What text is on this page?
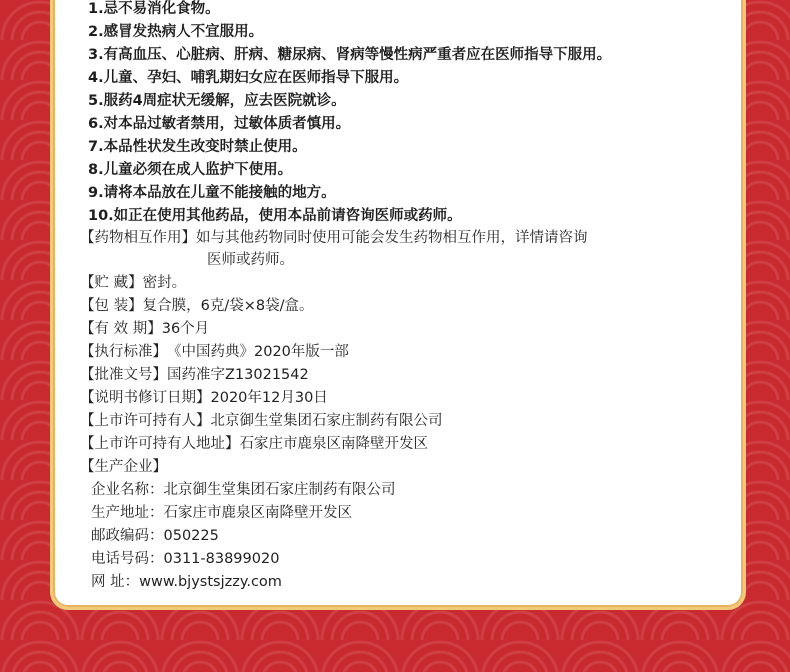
1.忌不易消化食物。
2.感冒发热病人不宜服用。
3.有高血压、心脏病、肝病、糖尿病、肾病等慢性病严重者应在医师指导下服用。
4.儿童、孕妇、哺乳期妇女应在医师指导下服用。
5.服药4周症状无缓解，应去医院就诊。
6.对本品过敏者禁用，过敏体质者慎用。
7.本品性状发生改变时禁止使用。
8.儿童必须在成人监护下使用。
9.请将本品放在儿童不能接触的地方。
10.如正在使用其他药品，使用本品前请咨询医师或药师。
【药物相互作用】如与其他药物同时使用可能会发生药物相互作用，详情请咨询
医师或药师。
【贮 藏】密封。
【包 装】复合膜，6克/袋×8袋/盒。
【有 效 期】36个月
【执行标准】《中国药典》2020年版一部
【批准文号】国药准字Z13021542
【说明书修订日期】2020年12月30日
【上市许可持有人】北京御生堂集团石家庄制药有限公司
【上市许可持有人地址】石家庄市鹿泉区南降壁开发区
【生产企业】
企业名称：北京御生堂集团石家庄制药有限公司
生产地址：石家庄市鹿泉区南降壁开发区
邮政编码：050225
电话号码：0311-83899020
网 址：www.bjystsjzzy.com
